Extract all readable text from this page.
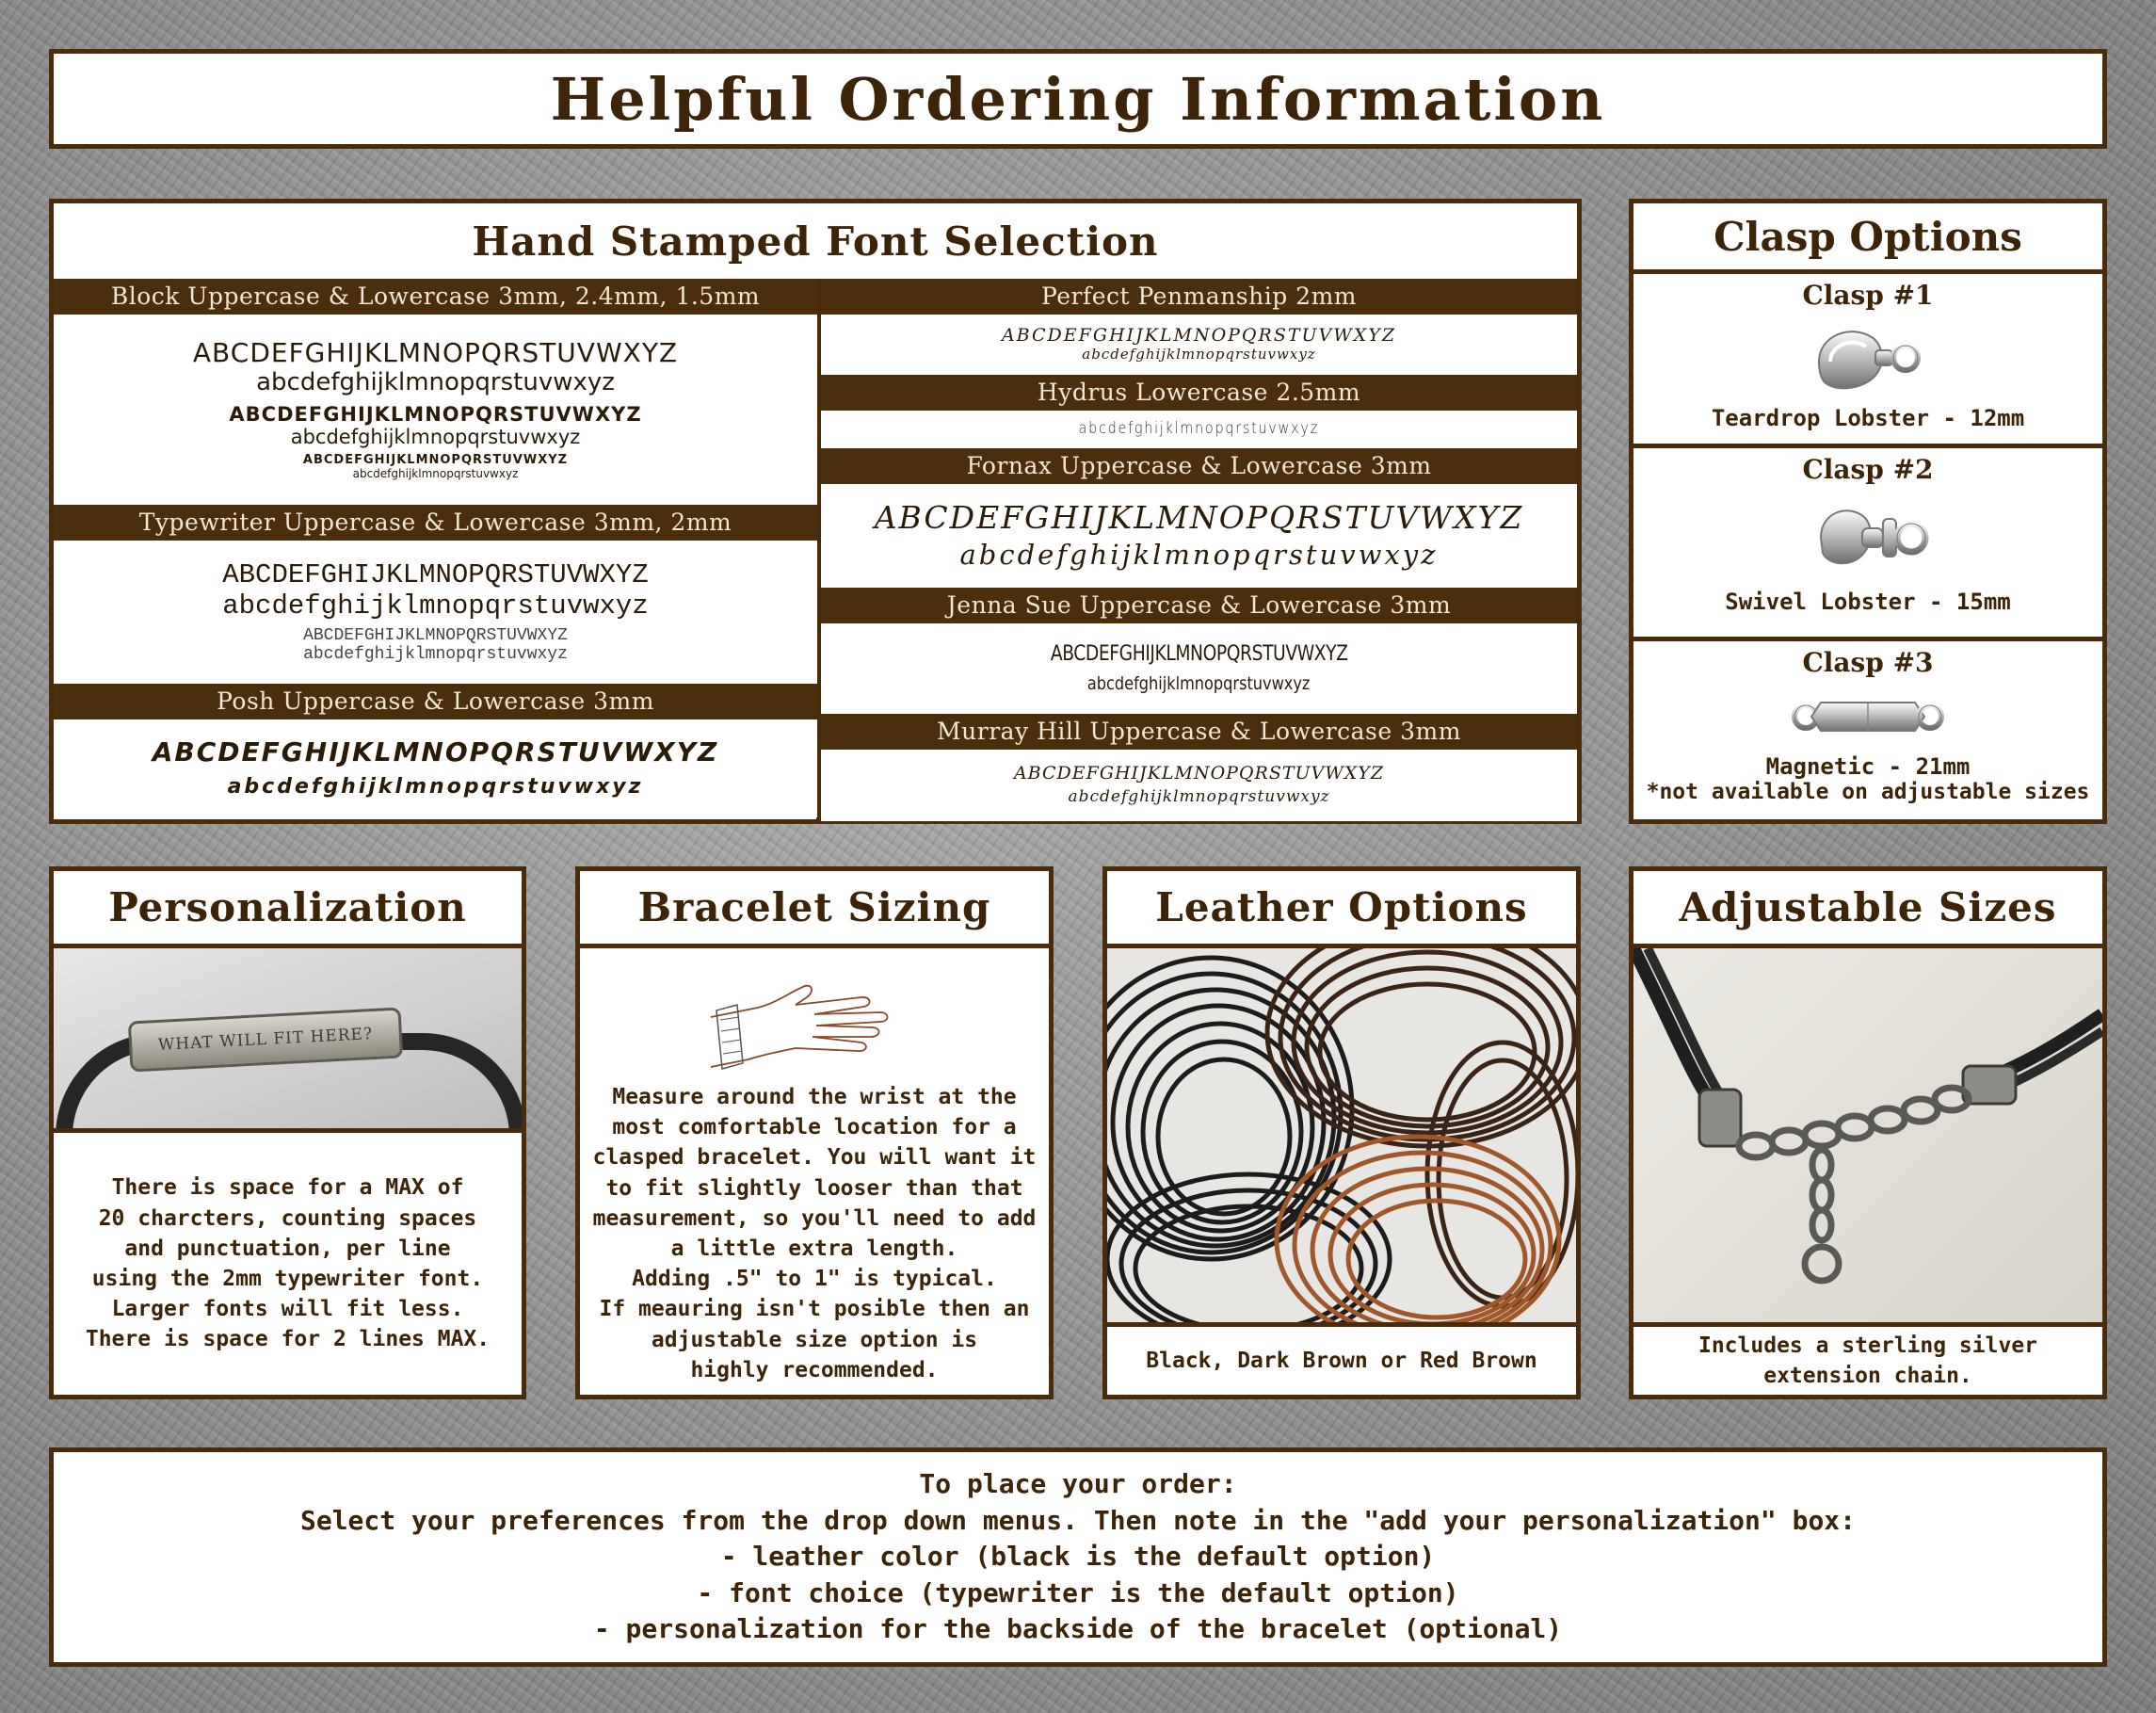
Helpful Ordering Information
Hand Stamped Font Selection
Block Uppercase & Lowercase 3mm, 2.4mm, 1.5mm
ABCDEFGHIJKLMNOPQRSTUVWXYZ
abcdefghijklmnopqrstuvwxyz
ABCDEFGHIJKLMNOPQRSTUVWXYZ
abcdefghijklmnopqrstuvwxyz
ABCDEFGHIJKLMNOPQRSTUVWXYZ
abcdefghijklmnopqrstuvwxyz
Typewriter Uppercase & Lowercase 3mm, 2mm
ABCDEFGHIJKLMNOPQRSTUVWXYZ
abcdefghijklmnopqrstuvwxyz
ABCDEFGHIJKLMNOPQRSTUVWXYZ
abcdefghijklmnopqrstuvwxyz
Posh Uppercase & Lowercase 3mm
ABCDEFGHIJKLMNOPQRSTUVWXYZ
abcdefghijklmnopqrstuvwxyz
Perfect Penmanship 2mm
ABCDEFGHIJKLMNOPQRSTUVWXYZ
abcdefghijklmnopqrstuvwxyz
Hydrus Lowercase 2.5mm
abcdefghijklmnopqrstuvwxyz
Fornax Uppercase & Lowercase 3mm
ABCDEFGHIJKLMNOPQRSTUVWXYZ
abcdefghijklmnopqrstuvwxyz
Jenna Sue Uppercase & Lowercase 3mm
ABCDEFGHIJKLMNOPQRSTUVWXYZ
abcdefghijklmnopqrstuvwxyz
Murray Hill Uppercase & Lowercase 3mm
ABCDEFGHIJKLMNOPQRSTUVWXYZ
abcdefghijklmnopqrstuvwxyz
Clasp Options
Clasp #1
Teardrop Lobster - 12mm
Clasp #2
Swivel Lobster - 15mm
Clasp #3
Magnetic - 21mm
*not available on adjustable sizes
Personalization
WHAT WILL FIT HERE?
There is space for a MAX of
20 charcters, counting spaces
and punctuation, per line
using the 2mm typewriter font.
Larger fonts will fit less.
There is space for 2 lines MAX.
Bracelet Sizing
Measure around the wrist at the
most comfortable location for a
clasped bracelet. You will want it
to fit slightly looser than that
measurement, so you'll need to add
a little extra length.
Adding .5" to 1" is typical.
If meauring isn't posible then an
adjustable size option is
highly recommended.
Leather Options
Black, Dark Brown or Red Brown
Adjustable Sizes
Includes a sterling silver
extension chain.
To place your order:
Select your preferences from the drop down menus. Then note in the "add your personalization" box:
- leather color (black is the default option)
- font choice (typewriter is the default option)
- personalization for the backside of the bracelet (optional)
